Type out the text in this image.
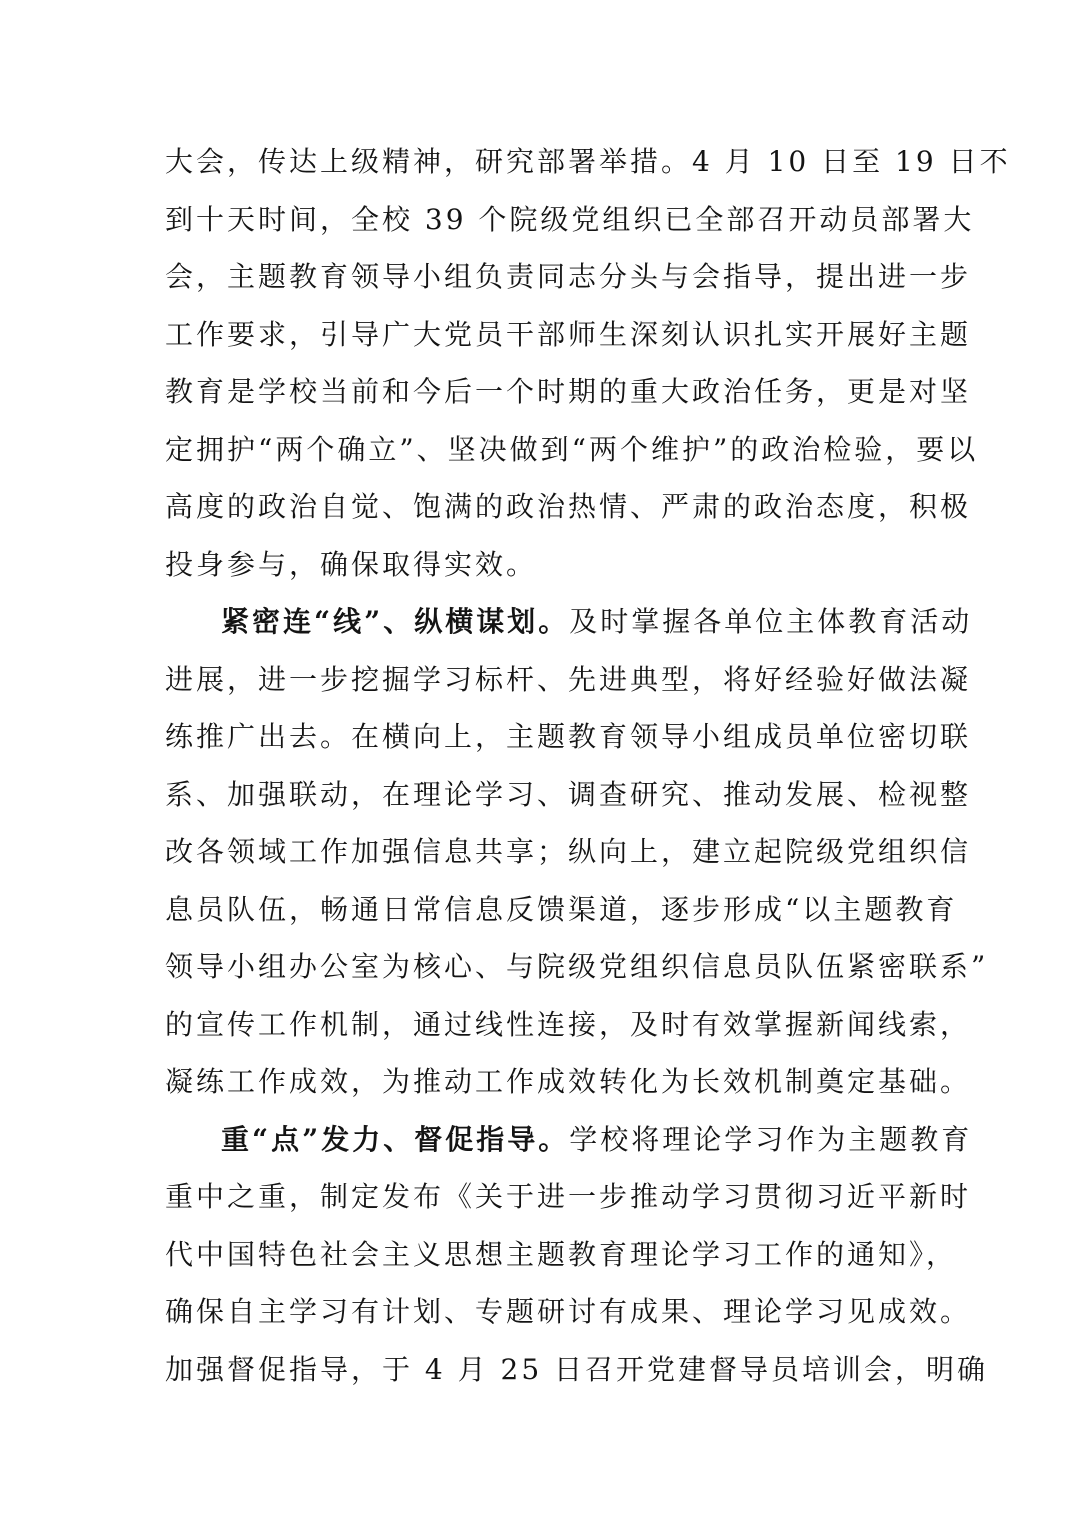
大会，传达上级精神，研究部署举措。4 月 10 日至 19 日不
到十天时间，全校 39 个院级党组织已全部召开动员部署大
会，主题教育领导小组负责同志分头与会指导，提出进一步
工作要求，引导广大党员干部师生深刻认识扎实开展好主题
教育是学校当前和今后一个时期的重大政治任务，更是对坚
定拥护“两个确立”、坚决做到“两个维护”的政治检验，要以
高度的政治自觉、饱满的政治热情、严肃的政治态度，积极
投身参与，确保取得实效。
紧密连“线”、纵横谋划。及时掌握各单位主体教育活动
进展，进一步挖掘学习标杆、先进典型，将好经验好做法凝
练推广出去。在横向上，主题教育领导小组成员单位密切联
系、加强联动，在理论学习、调查研究、推动发展、检视整
改各领域工作加强信息共享；纵向上，建立起院级党组织信
息员队伍，畅通日常信息反馈渠道，逐步形成“以主题教育
领导小组办公室为核心、与院级党组织信息员队伍紧密联系”
的宣传工作机制，通过线性连接，及时有效掌握新闻线索，
凝练工作成效，为推动工作成效转化为长效机制奠定基础。
重“点”发力、督促指导。学校将理论学习作为主题教育
重中之重，制定发布《关于进一步推动学习贯彻习近平新时
代中国特色社会主义思想主题教育理论学习工作的通知》，
确保自主学习有计划、专题研讨有成果、理论学习见成效。
加强督促指导，于 4 月 25 日召开党建督导员培训会，明确
